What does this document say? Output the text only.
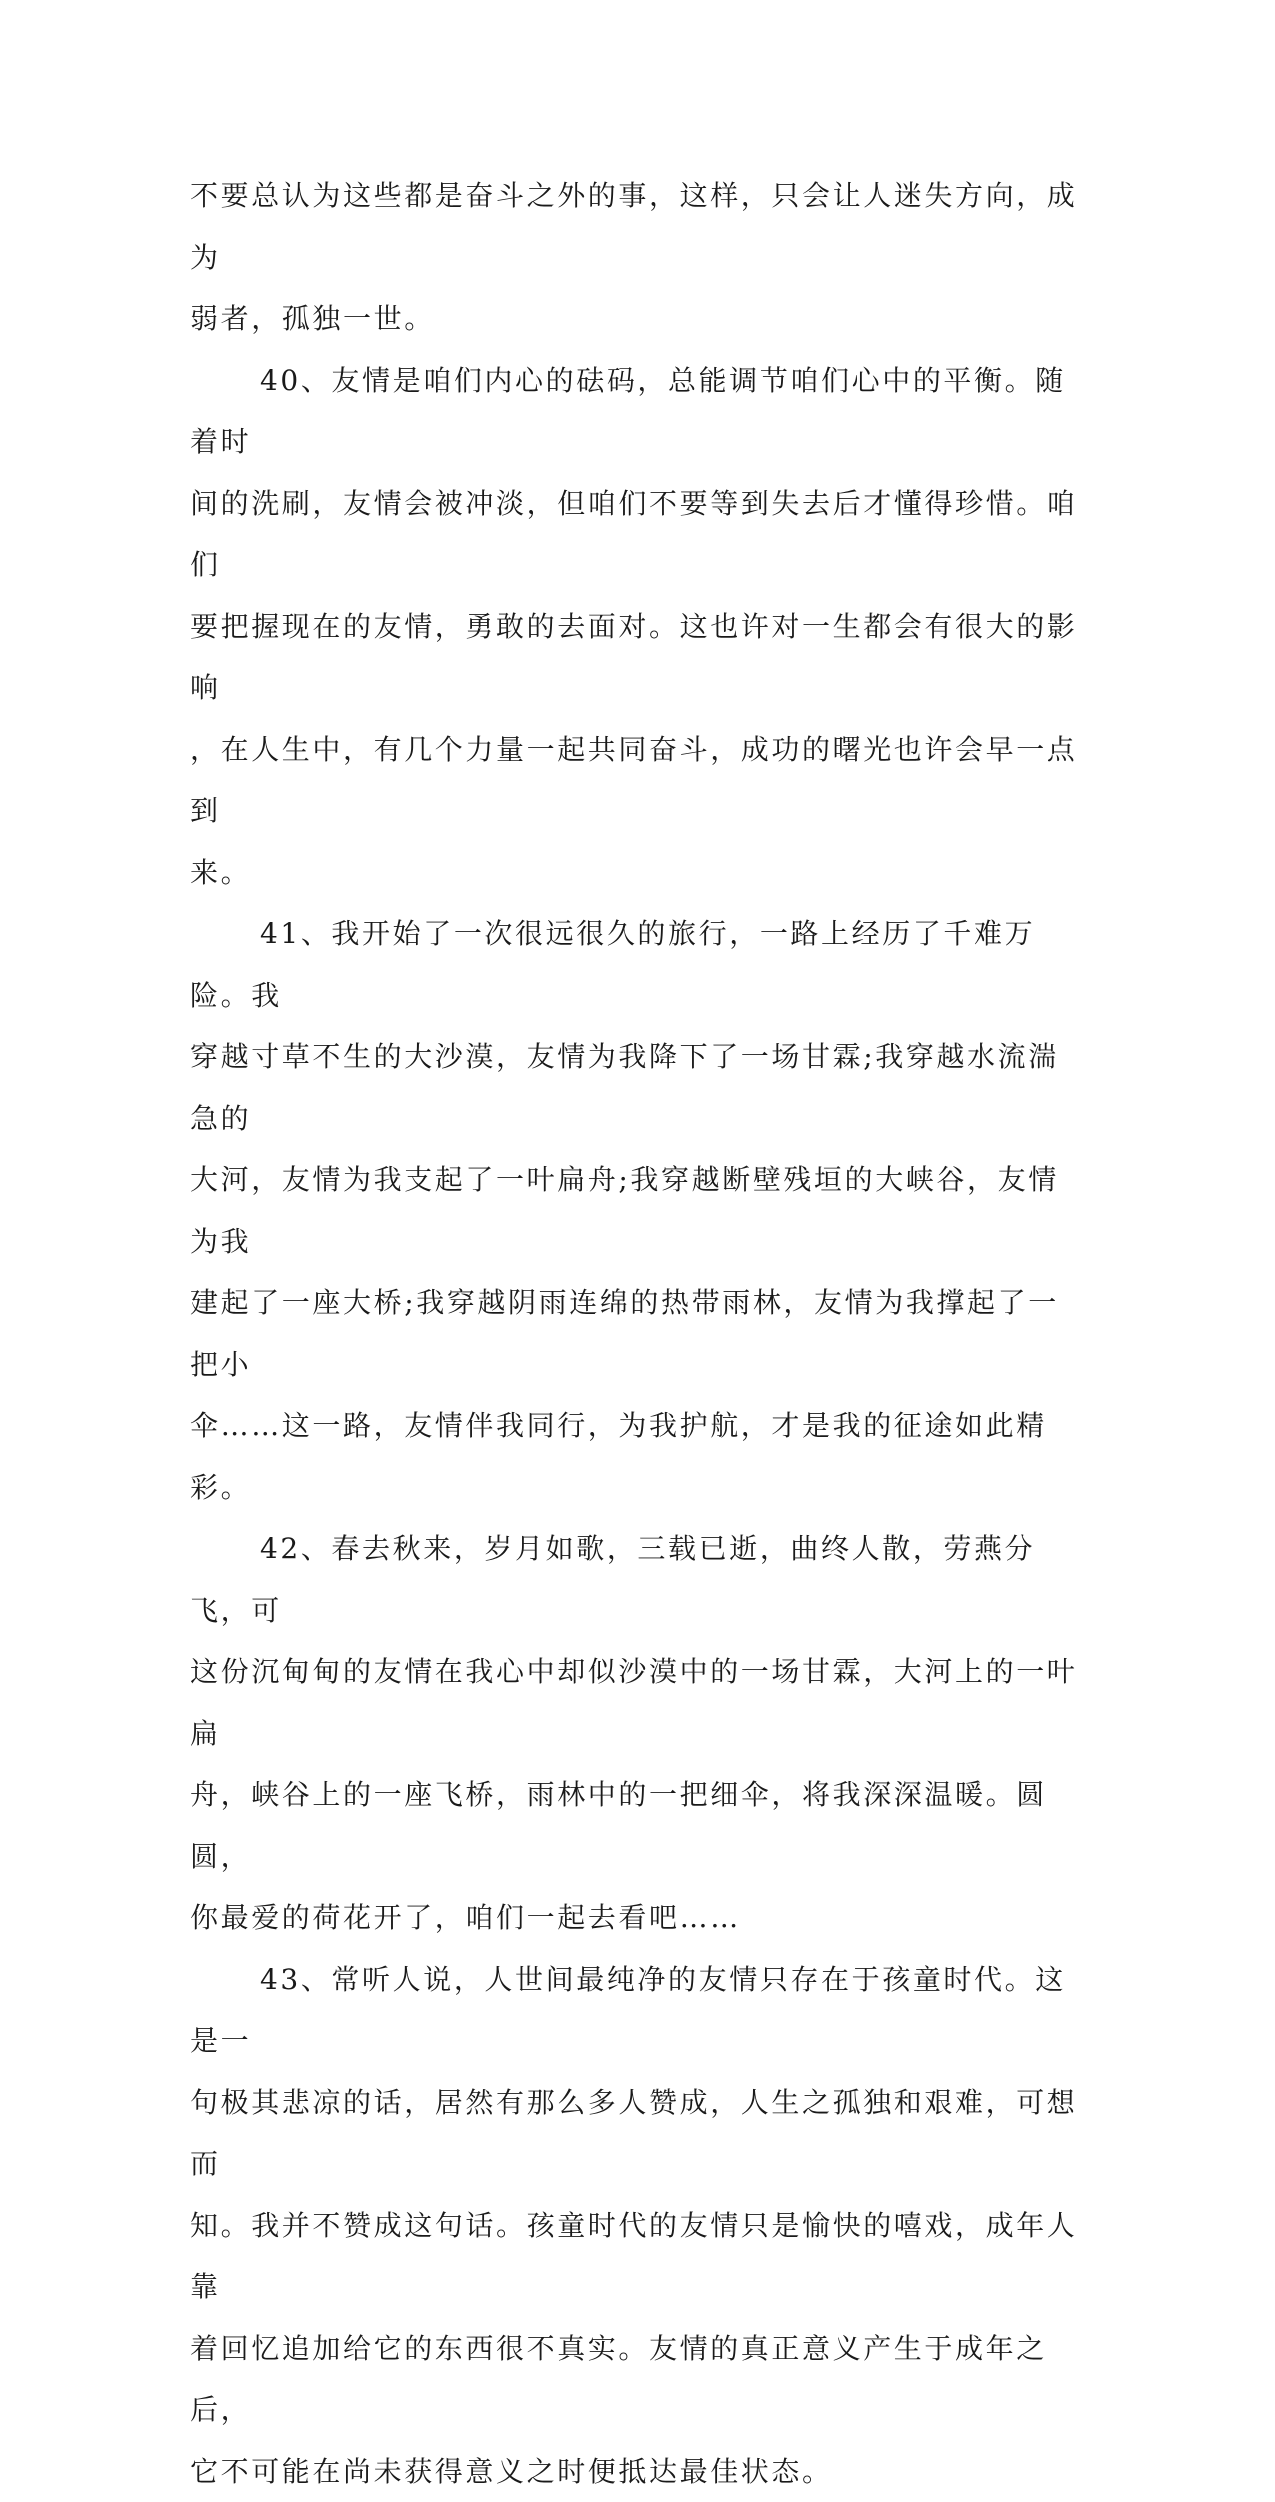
不要总认为这些都是奋斗之外的事，这样，只会让人迷失方向，成为
弱者，孤独一世。

40、友情是咱们内心的砝码，总能调节咱们心中的平衡。随着时
间的洗刷，友情会被冲淡，但咱们不要等到失去后才懂得珍惜。咱们
要把握现在的友情，勇敢的去面对。这也许对一生都会有很大的影响
，在人生中，有几个力量一起共同奋斗，成功的曙光也许会早一点到
来。

41、我开始了一次很远很久的旅行，一路上经历了千难万险。我
穿越寸草不生的大沙漠，友情为我降下了一场甘霖;我穿越水流湍急的
大河，友情为我支起了一叶扁舟;我穿越断壁残垣的大峡谷，友情为我
建起了一座大桥;我穿越阴雨连绵的热带雨林，友情为我撑起了一把小
伞……这一路，友情伴我同行，为我护航，才是我的征途如此精彩。

42、春去秋来，岁月如歌，三载已逝，曲终人散，劳燕分飞，可
这份沉甸甸的友情在我心中却似沙漠中的一场甘霖，大河上的一叶扁
舟，峡谷上的一座飞桥，雨林中的一把细伞，将我深深温暖。圆圆，
你最爱的荷花开了，咱们一起去看吧……

43、常听人说，人世间最纯净的友情只存在于孩童时代。这是一
句极其悲凉的话，居然有那么多人赞成，人生之孤独和艰难，可想而
知。我并不赞成这句话。孩童时代的友情只是愉快的嘻戏，成年人靠
着回忆追加给它的东西很不真实。友情的真正意义产生于成年之后，
它不可能在尚未获得意义之时便抵达最佳状态。
